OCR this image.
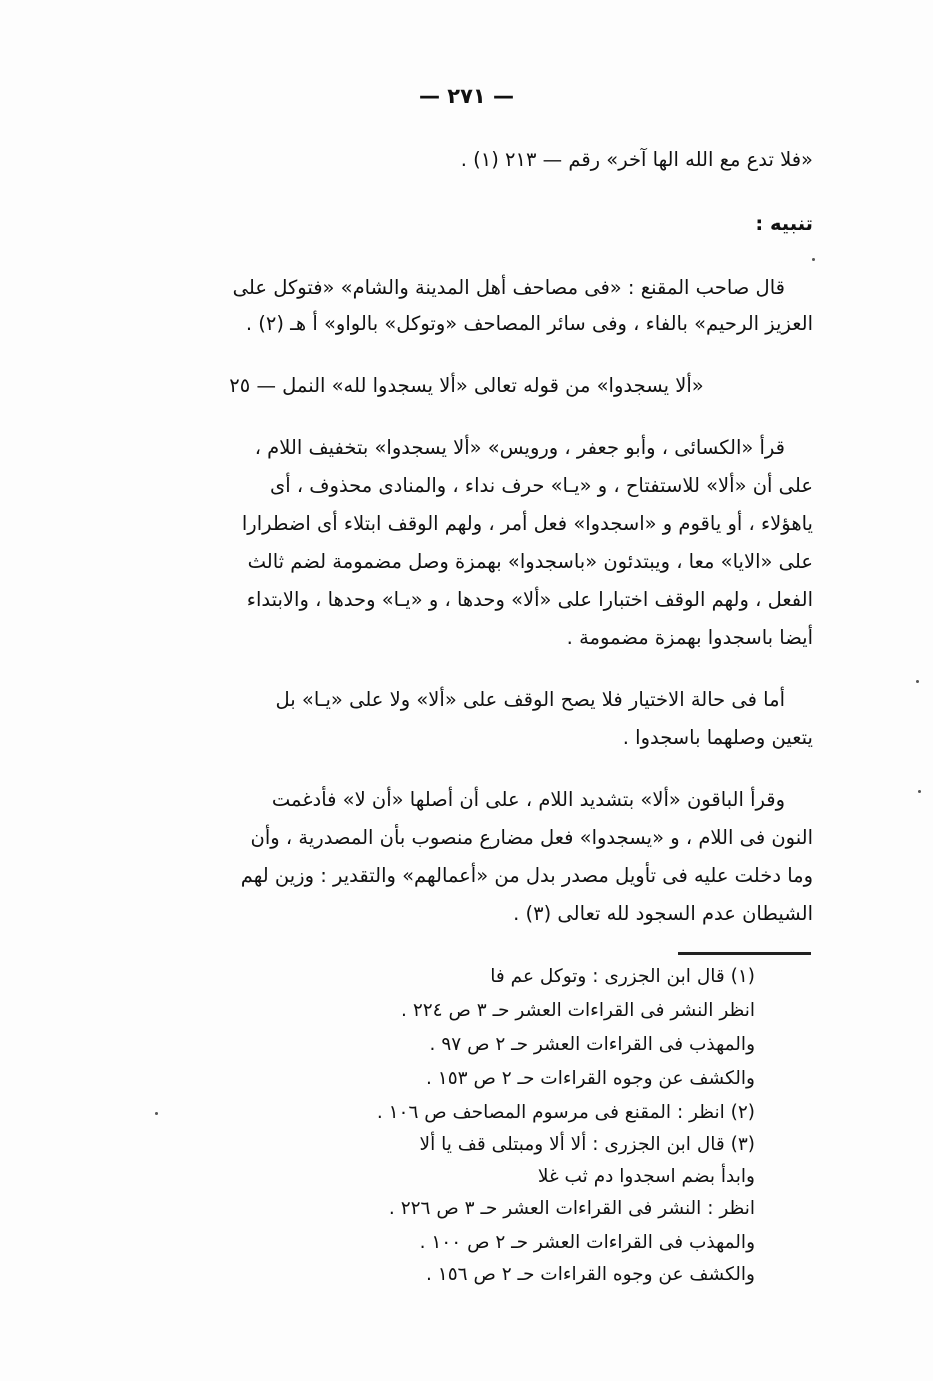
— ٢٧١ —
«فلا تدع مع الله الها آخر» رقم — ٢١٣ (١) .
تنبيه :
قال صاحب المقنع : «فى مصاحف أهل المدينة والشام» «فتوكل على
العزيز الرحيم» بالفاء ، وفى سائر المصاحف «وتوكل» بالواو» أ هـ (٢) .
«ألا يسجدوا» من قوله تعالى «ألا يسجدوا لله» النمل — ٢٥
قرأ «الكسائى ، وأبو جعفر ، ورويس» «ألا يسجدوا» بتخفيف اللام ،
على أن «ألا» للاستفتاح ، و «يـا» حرف نداء ، والمنادى محذوف ، أى
ياهؤلاء ، أو ياقوم و «اسجدوا» فعل أمر ، ولهم الوقف ابتلاء أى اضطرارا
على «الايا» معا ، ويبتدئون «باسجدوا» بهمزة وصل مضمومة لضم ثالث
الفعل ، ولهم الوقف اختبارا على «ألا» وحدها ، و «يـا» وحدها ، والابتداء
أيضا باسجدوا بهمزة مضمومة .
أما فى حالة الاختيار فلا يصح الوقف على «ألا» ولا على «يـا» بل
يتعين وصلهما باسجدوا .
وقرأ الباقون «ألا» بتشديد اللام ، على أن أصلها «أن لا» فأدغمت
النون فى اللام ، و «يسجدوا» فعل مضارع منصوب بأن المصدرية ، وأن
وما دخلت عليه فى تأويل مصدر بدل من «أعمالهم» والتقدير : وزين لهم
الشيطان عدم السجود لله تعالى (٣) .
(١) قال ابن الجزرى : وتوكل عم فا
انظر النشر فى القراءات العشر حـ ٣ ص ٢٢٤ .
والمهذب فى القراءات العشر حـ ٢ ص ٩٧ .
والكشف عن وجوه القراءات حـ ٢ ص ١٥٣ .
(٢) انظر : المقنع فى مرسوم المصاحف ص ١٠٦ .
(٣) قال ابن الجزرى : ألا ألا ومبتلى قف يا ألا
وابدأ بضم اسجدوا دم ثب غلا
انظر : النشر فى القراءات العشر حـ ٣ ص ٢٢٦ .
والمهذب فى القراءات العشر حـ ٢ ص ١٠٠ .
والكشف عن وجوه القراءات حـ ٢ ص ١٥٦ .
